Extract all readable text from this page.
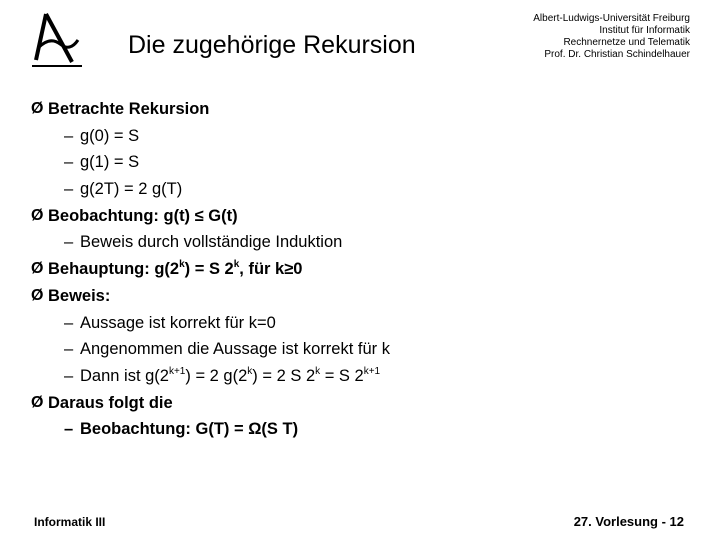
Die zugehörige Rekursion
Albert-Ludwigs-Universität Freiburg
Institut für Informatik
Rechnernetze und Telematik
Prof. Dr. Christian Schindelhauer
Ø Betrachte Rekursion
– g(0) = S
– g(1) = S
– g(2T) = 2 g(T)
Ø Beobachtung: g(t) ≤ G(t)
– Beweis durch vollständige Induktion
Ø Behauptung: $g(2^k) = S$ 2$^k$, für k≥0
Ø Beweis:
– Aussage ist korrekt für k=0
– Angenommen die Aussage ist korrekt für k
– Dann ist $g(2^{k+1}) = 2$ $g(2^k) = 2$ S $2^k = S$ $2^{k+1}$
Ø Daraus folgt die
– Beobachtung: G(T) = Ω(S T)
Informatik III	27. Vorlesung - 12
